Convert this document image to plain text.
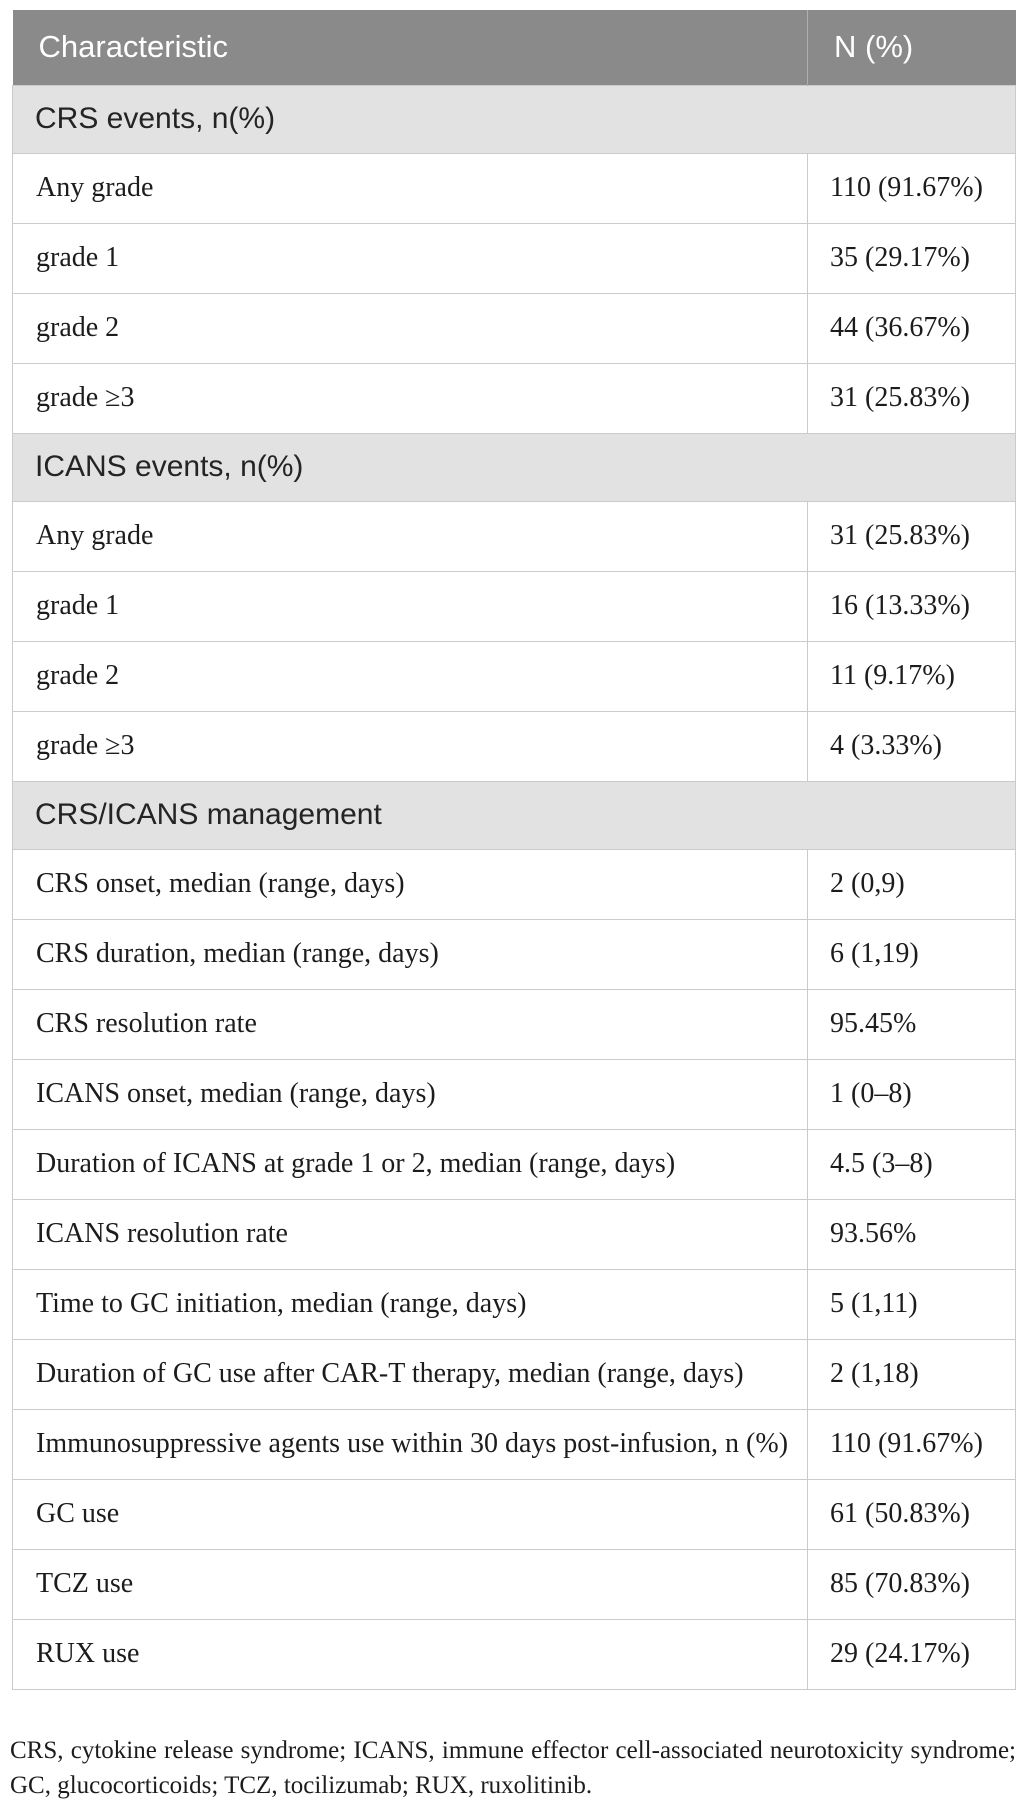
Characteristic	N (%)
CRS events, n(%)	
Any grade	110 (91.67%)
grade 1	35 (29.17%)
grade 2	44 (36.67%)
grade ≥3	31 (25.83%)
ICANS events, n(%)	
Any grade	31 (25.83%)
grade 1	16 (13.33%)
grade 2	11 (9.17%)
grade ≥3	4 (3.33%)
CRS/ICANS management	
CRS onset, median (range, days)	2 (0,9)
CRS duration, median (range, days)	6 (1,19)
CRS resolution rate	95.45%
ICANS onset, median (range, days)	1 (0–8)
Duration of ICANS at grade 1 or 2, median (range, days)	4.5 (3–8)
ICANS resolution rate	93.56%
Time to GC initiation, median (range, days)	5 (1,11)
Duration of GC use after CAR-T therapy, median (range, days)	2 (1,18)
Immunosuppressive agents use within 30 days post-infusion, n (%)	110 (91.67%)
GC use	61 (50.83%)
TCZ use	85 (70.83%)
RUX use	29 (24.17%)
CRS, cytokine release syndrome; ICANS, immune effector cell-associated neurotoxicity syndrome; GC, glucocorticoids; TCZ, tocilizumab; RUX, ruxolitinib.
